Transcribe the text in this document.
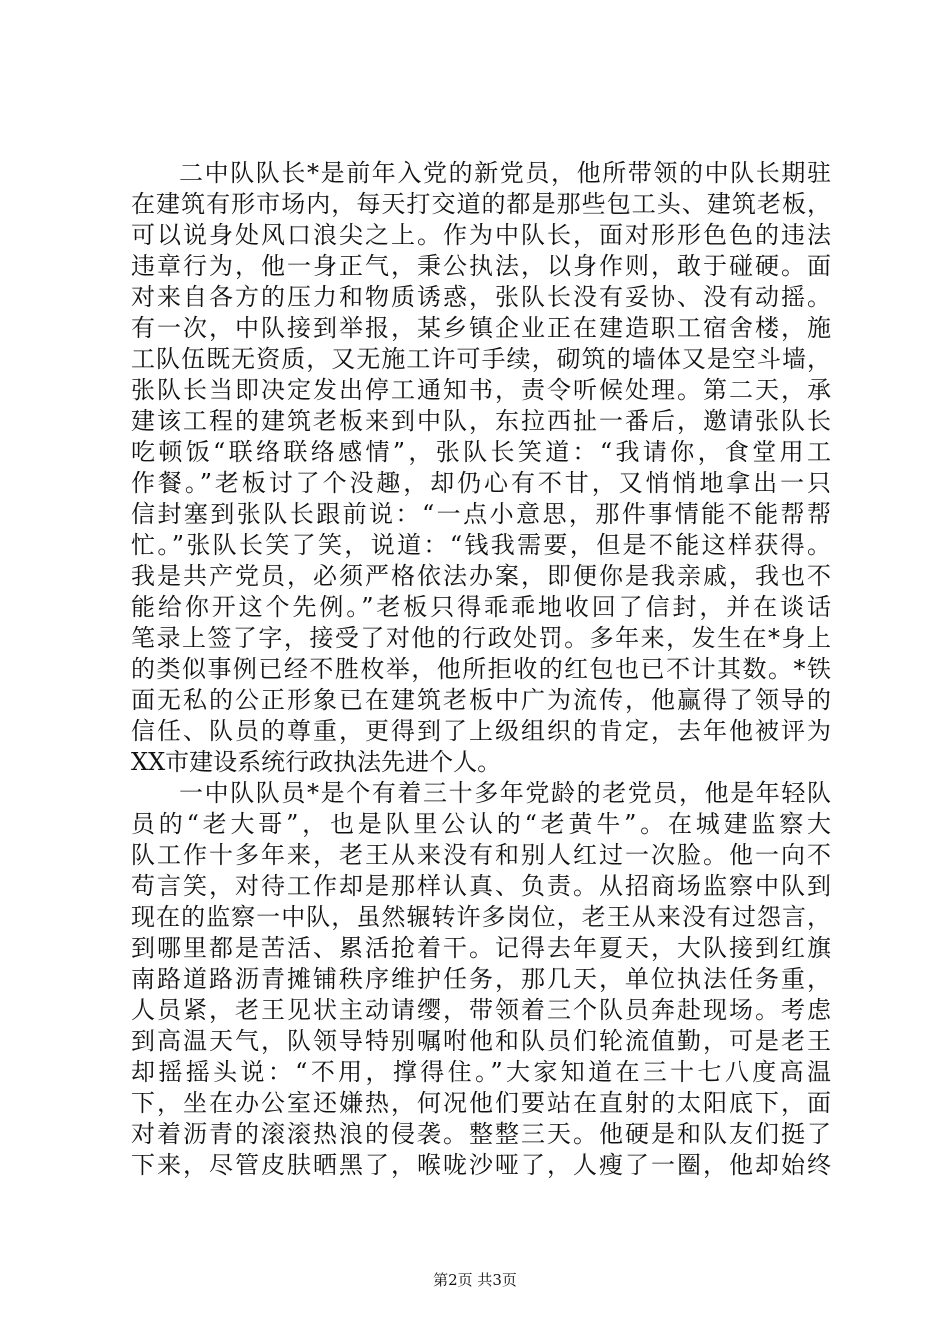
二中队队长*是前年入党的新党员，他所带领的中队长期驻
在建筑有形市场内，每天打交道的都是那些包工头、建筑老板，
可以说身处风口浪尖之上。作为中队长，面对形形色色的违法
违章行为，他一身正气，秉公执法，以身作则，敢于碰硬。面
对来自各方的压力和物质诱惑，张队长没有妥协、没有动摇。
有一次，中队接到举报，某乡镇企业正在建造职工宿舍楼，施
工队伍既无资质，又无施工许可手续，砌筑的墙体又是空斗墙，
张队长当即决定发出停工通知书，责令听候处理。第二天，承
建该工程的建筑老板来到中队，东拉西扯一番后，邀请张队长
吃顿饭“联络联络感情”，张队长笑道：“我请你，食堂用工
作餐。”老板讨了个没趣，却仍心有不甘，又悄悄地拿出一只
信封塞到张队长跟前说：“一点小意思，那件事情能不能帮帮
忙。”张队长笑了笑，说道：“钱我需要，但是不能这样获得。
我是共产党员，必须严格依法办案，即便你是我亲戚，我也不
能给你开这个先例。”老板只得乖乖地收回了信封，并在谈话
笔录上签了字，接受了对他的行政处罚。多年来，发生在*身上
的类似事例已经不胜枚举，他所拒收的红包也已不计其数。*铁
面无私的公正形象已在建筑老板中广为流传，他赢得了领导的
信任、队员的尊重，更得到了上级组织的肯定，去年他被评为
XX市建设系统行政执法先进个人。
一中队队员*是个有着三十多年党龄的老党员，他是年轻队
员的“老大哥”，也是队里公认的“老黄牛”。在城建监察大
队工作十多年来，老王从来没有和别人红过一次脸。他一向不
苟言笑，对待工作却是那样认真、负责。从招商场监察中队到
现在的监察一中队，虽然辗转许多岗位，老王从来没有过怨言，
到哪里都是苦活、累活抢着干。记得去年夏天，大队接到红旗
南路道路沥青摊铺秩序维护任务，那几天，单位执法任务重，
人员紧，老王见状主动请缨，带领着三个队员奔赴现场。考虑
到高温天气，队领导特别嘱咐他和队员们轮流值勤，可是老王
却摇摇头说：“不用，撑得住。”大家知道在三十七八度高温
下，坐在办公室还嫌热，何况他们要站在直射的太阳底下，面
对着沥青的滚滚热浪的侵袭。整整三天。他硬是和队友们挺了
下来，尽管皮肤晒黑了，喉咙沙哑了，人瘦了一圈，他却始终
第2页 共3页
